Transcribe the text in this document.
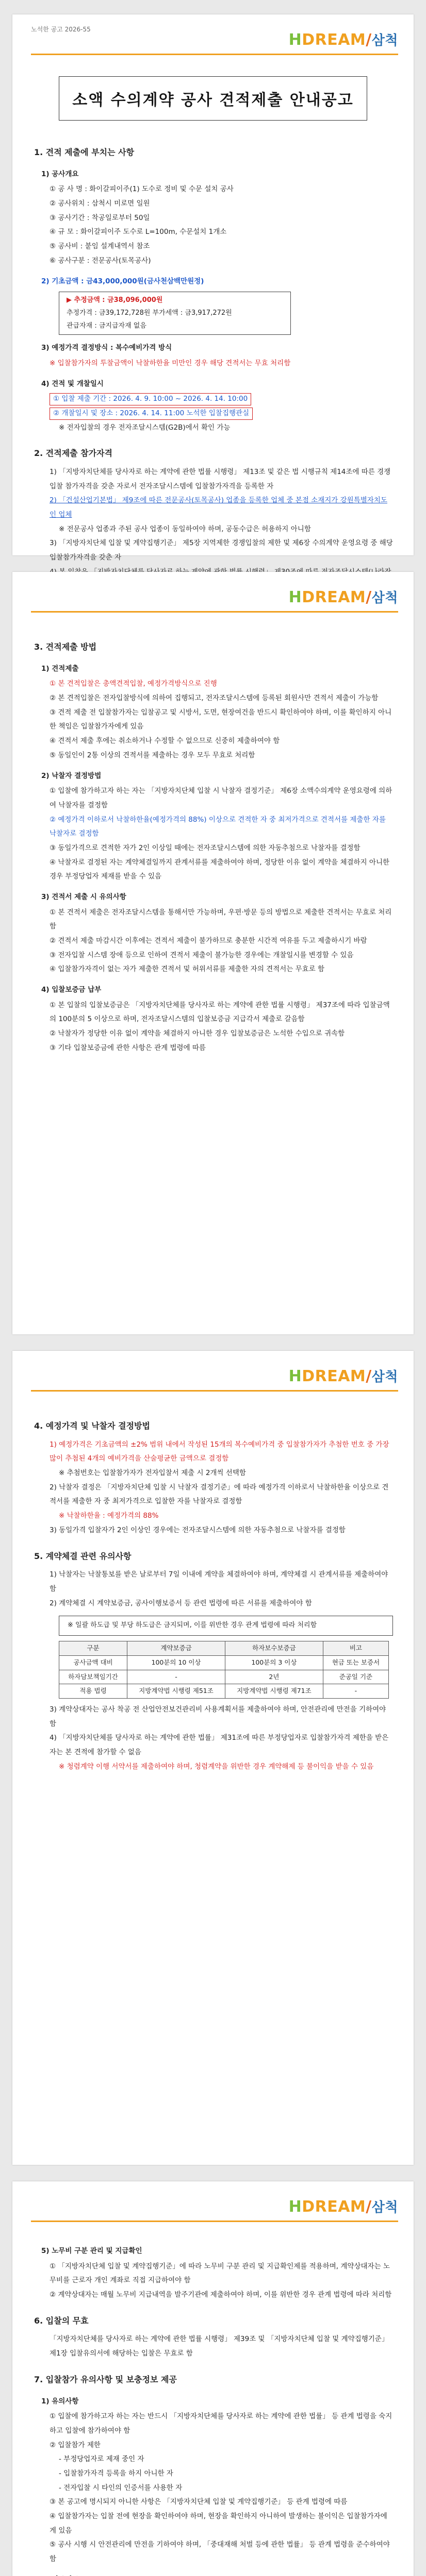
노석한 공고 2026-55
HDREAM/삼척
소액 수의계약 공사 견적제출 안내공고
1. 견적 제출에 부치는 사항
1) 공사개요
① 공 사 명 : 화이갈피이주(1) 도수로 정비 및 수문 설치 공사
② 공사위치 : 삼척시 미로면 일원
③ 공사기간 : 착공일로부터 50일
④ 규 모 : 화이갈피이주 도수로 L=100m, 수문설치 1개소
⑤ 공사비 : 붙임 설계내역서 참조
⑥ 공사구분 : 전문공사(토목공사)
2) 기초금액 : 금43,000,000원(금사천삼백만원정)
▶ 추정금액 : 금38,096,000원
추정가격 : 금39,172,728원 부가세액 : 금3,917,272원
관급자재 : 금지급자재 없음
3) 예정가격 결정방식 : 복수예비가격 방식
※ 입찰참가자의 투찰금액이 낙찰하한율 미만인 경우 해당 견적서는 무효 처리함
4) 견적 및 개찰일시
① 입찰 제출 기간 : 2026. 4. 9. 10:00 ~ 2026. 4. 14. 10:00
② 개찰일시 및 장소 : 2026. 4. 14. 11:00 노석한 입찰집행관실
※ 전자입찰의 경우 전자조달시스템(G2B)에서 확인 가능
2. 견적제출 참가자격
1) 「지방자치단체를 당사자로 하는 계약에 관한 법률 시행령」 제13조 및 같은 법 시행규칙 제14조에 따른 경쟁입찰 참가자격을 갖춘 자로서 전자조달시스템에 입찰참가자격을 등록한 자
2) 「건설산업기본법」 제9조에 따른 전문공사(토목공사) 업종을 등록한 업체 중 본점 소재지가 강원특별자치도인 업체
※ 전문공사 업종과 주된 공사 업종이 동일하여야 하며, 공동수급은 허용하지 아니함
3) 「지방자치단체 입찰 및 계약집행기준」 제5장 지역제한 경쟁입찰의 제한 및 제6장 수의계약 운영요령 중 해당 입찰참가자격을 갖춘 자
HDREAM/삼척
3. 견적제출 방법
1) 견적제출
① 본 견적입찰은 총액견적입찰, 예정가격방식으로 진행
② 본 견적입찰은 전자입찰방식에 의하여 집행되고, 전자조달시스템에 등록된 회원사만 견적서 제출이 가능함
③ 견적 제출 전 입찰참가자는 입찰공고 및 시방서, 도면, 현장여건을 반드시 확인하여야 하며, 이를 확인하지 아니한 책임은 입찰참가자에게 있음
④ 견적서 제출 후에는 취소하거나 수정할 수 없으므로 신중히 제출하여야 함
⑤ 동일인이 2통 이상의 견적서를 제출하는 경우 모두 무효로 처리함
2) 낙찰자 결정방법
① 입찰에 참가하고자 하는 자는 「지방자치단체 입찰 시 낙찰자 결정기준」 제6장 소액수의계약 운영요령에 의하여 낙찰자를 결정함
② 예정가격 이하로서 낙찰하한율(예정가격의 88%) 이상으로 견적한 자 중 최저가격으로 견적서를 제출한 자를 낙찰자로 결정함
③ 동일가격으로 견적한 자가 2인 이상일 때에는 전자조달시스템에 의한 자동추첨으로 낙찰자를 결정함
④ 낙찰자로 결정된 자는 계약체결일까지 관계서류를 제출하여야 하며, 정당한 이유 없이 계약을 체결하지 아니한 경우 부정당업자 제재를 받을 수 있음
3) 견적서 제출 시 유의사항
① 본 견적서 제출은 전자조달시스템을 통해서만 가능하며, 우편·방문 등의 방법으로 제출한 견적서는 무효로 처리함
② 견적서 제출 마감시간 이후에는 견적서 제출이 불가하므로 충분한 시간적 여유를 두고 제출하시기 바람
③ 전자입찰 시스템 장애 등으로 인하여 견적서 제출이 불가능한 경우에는 개찰일시를 변경할 수 있음
④ 입찰참가자격이 없는 자가 제출한 견적서 및 허위서류를 제출한 자의 견적서는 무효로 함
4) 입찰보증금 납부
① 본 입찰의 입찰보증금은 「지방자치단체를 당사자로 하는 계약에 관한 법률 시행령」 제37조에 따라 입찰금액의 100분의 5 이상으로 하며, 전자조달시스템의 입찰보증금 지급각서 제출로 갈음함
② 낙찰자가 정당한 이유 없이 계약을 체결하지 아니한 경우 입찰보증금은 노석한 수입으로 귀속함
③ 기타 입찰보증금에 관한 사항은 관계 법령에 따름
HDREAM/삼척
4. 예정가격 및 낙찰자 결정방법
1) 예정가격은 기초금액의 ±2% 범위 내에서 작성된 15개의 복수예비가격 중 입찰참가자가 추첨한 번호 중 가장 많이 추첨된 4개의 예비가격을 산술평균한 금액으로 결정함
※ 추첨번호는 입찰참가자가 전자입찰서 제출 시 2개씩 선택함
2) 낙찰자 결정은 「지방자치단체 입찰 시 낙찰자 결정기준」에 따라 예정가격 이하로서 낙찰하한율 이상으로 견적서를 제출한 자 중 최저가격으로 입찰한 자를 낙찰자로 결정함
※ 낙찰하한율 : 예정가격의 88%
3) 동일가격 입찰자가 2인 이상인 경우에는 전자조달시스템에 의한 자동추첨으로 낙찰자를 결정함
5. 계약체결 관련 유의사항
1) 낙찰자는 낙찰통보를 받은 날로부터 7일 이내에 계약을 체결하여야 하며, 계약체결 시 관계서류를 제출하여야 함
2) 계약체결 시 계약보증금, 공사이행보증서 등 관련 법령에 따른 서류를 제출하여야 함
※ 일괄 하도급 및 부당 하도급은 금지되며, 이를 위반한 경우 관계 법령에 따라 처리함
구분	계약보증금	하자보수보증금	비고
공사금액 대비	100분의 10 이상	100분의 3 이상	현금 또는 보증서
하자담보책임기간	-	2년	준공일 기준
적용 법령	지방계약법 시행령 제51조	지방계약법 시행령 제71조	-
3) 계약상대자는 공사 착공 전 산업안전보건관리비 사용계획서를 제출하여야 하며, 안전관리에 만전을 기하여야 함
4) 「지방자치단체를 당사자로 하는 계약에 관한 법률」 제31조에 따른 부정당업자로 입찰참가자격 제한을 받은 자는 본 견적에 참가할 수 없음
※ 청렴계약 이행 서약서를 제출하여야 하며, 청렴계약을 위반한 경우 계약해제 등 불이익을 받을 수 있음
HDREAM/삼척
5) 노무비 구분 관리 및 지급확인
① 「지방자치단체 입찰 및 계약집행기준」에 따라 노무비 구분 관리 및 지급확인제를 적용하며, 계약상대자는 노무비를 근로자 개인 계좌로 직접 지급하여야 함
② 계약상대자는 매월 노무비 지급내역을 발주기관에 제출하여야 하며, 이를 위반한 경우 관계 법령에 따라 처리함
6. 입찰의 무효
「지방자치단체를 당사자로 하는 계약에 관한 법률 시행령」 제39조 및 「지방자치단체 입찰 및 계약집행기준」 제1장 입찰유의서에 해당하는 입찰은 무효로 함
7. 입찰참가 유의사항 및 보충정보 제공
1) 유의사항
① 입찰에 참가하고자 하는 자는 반드시 「지방자치단체를 당사자로 하는 계약에 관한 법률」 등 관계 법령을 숙지하고 입찰에 참가하여야 함
② 입찰참가 제한
- 부정당업자로 제재 중인 자
- 입찰참가자격 등록을 하지 아니한 자
- 전자입찰 시 타인의 인증서를 사용한 자
③ 본 공고에 명시되지 아니한 사항은 「지방자치단체 입찰 및 계약집행기준」 등 관계 법령에 따름
④ 입찰참가자는 입찰 전에 현장을 확인하여야 하며, 현장을 확인하지 아니하여 발생하는 불이익은 입찰참가자에게 있음
⑤ 공사 시행 시 안전관리에 만전을 기하여야 하며, 「중대재해 처벌 등에 관한 법률」 등 관계 법령을 준수하여야 함
